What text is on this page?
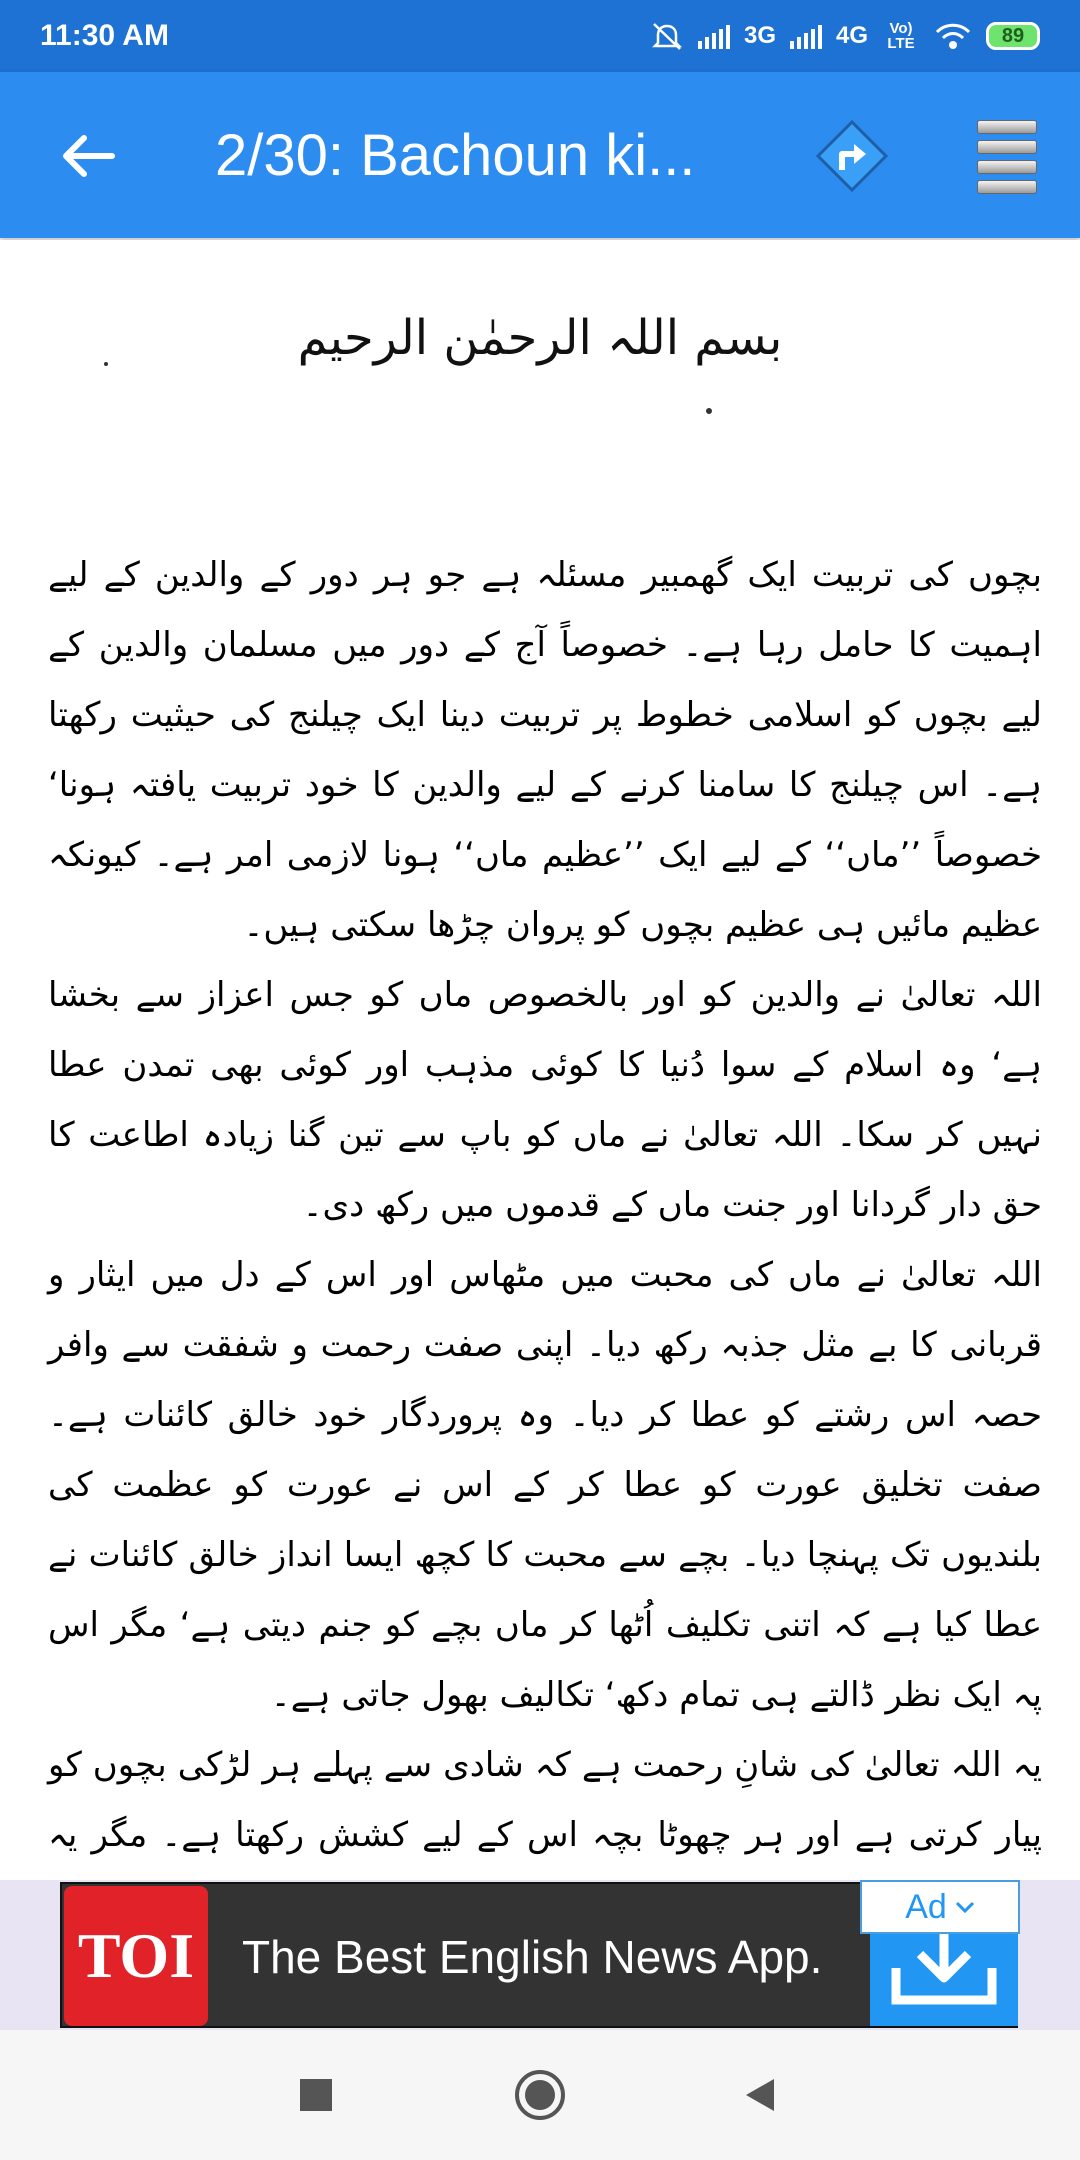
11:30 AM	3G	4G	Vo) LTE	89
2/30: Bachoun ki...
بسم اللہ الرحمٰن الرحیم

بچوں کی تربیت ایک گھمبیر مسئلہ ہے جو ہر دور کے والدین کے لیے اہمیت کا حامل رہا ہے۔ خصوصاً آج کے دور میں مسلمان والدین کے لیے بچوں کو اسلامی خطوط پر تربیت دینا ایک چیلنج کی حیثیت رکھتا ہے۔ اس چیلنج کا سامنا کرنے کے لیے والدین کا خود تربیت یافتہ ہونا‘ خصوصاً ’’ماں‘‘ کے لیے ایک ’’عظیم ماں‘‘ ہونا لازمی امر ہے۔ کیونکہ عظیم مائیں ہی عظیم بچوں کو پروان چڑھا سکتی ہیں۔

اللہ تعالیٰ نے والدین کو اور بالخصوص ماں کو جس اعزاز سے بخشا ہے‘ وہ اسلام کے سوا دُنیا کا کوئی مذہب اور کوئی بھی تمدن عطا نہیں کر سکا۔ اللہ تعالیٰ نے ماں کو باپ سے تین گنا زیادہ اطاعت کا حق دار گردانا اور جنت ماں کے قدموں میں رکھ دی۔

اللہ تعالیٰ نے ماں کی محبت میں مٹھاس اور اس کے دل میں ایثار و قربانی کا بے مثل جذبہ رکھ دیا۔ اپنی صفت رحمت و شفقت سے وافر حصہ اس رشتے کو عطا کر دیا۔ وہ پروردگار خود خالق کائنات ہے۔ صفت تخلیق عورت کو عطا کر کے اس نے عورت کو عظمت کی بلندیوں تک پہنچا دیا۔ بچے سے محبت کا کچھ ایسا انداز خالق کائنات نے عطا کیا ہے کہ اتنی تکلیف اُٹھا کر ماں بچے کو جنم دیتی ہے‘ مگر اس پہ ایک نظر ڈالتے ہی تمام دکھ‘ تکالیف بھول جاتی ہے۔

یہ اللہ تعالیٰ کی شانِ رحمت ہے کہ شادی سے پہلے ہر لڑکی بچوں کو پیار کرتی ہے اور ہر چھوٹا بچہ اس کے لیے کشش رکھتا ہے۔ مگر یہ

TOI	The Best English News App.
Ad
